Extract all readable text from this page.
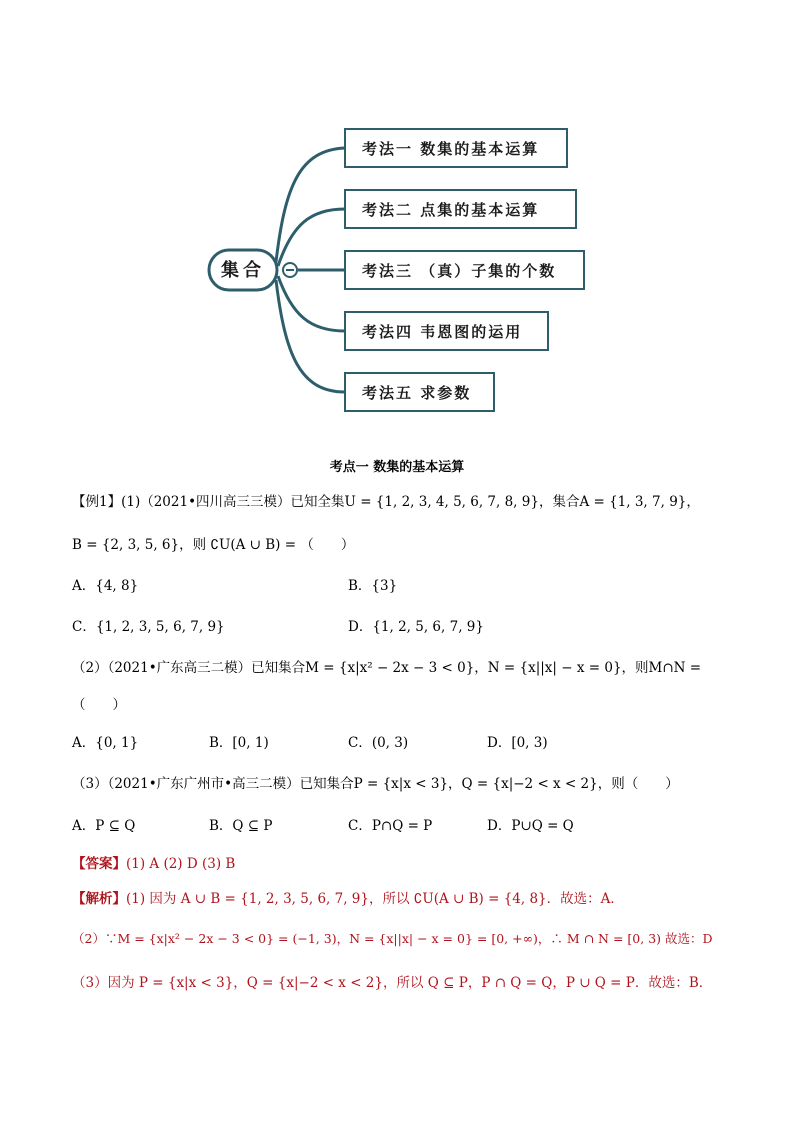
集合
考法一 数集的基本运算
考法二 点集的基本运算
考法三 （真）子集的个数
考法四 韦恩图的运用
考法五 求参数
考点一 数集的基本运算
【例1】(1)（2021•四川高三三模）已知全集U = {1, 2, 3, 4, 5, 6, 7, 8, 9}，集合A = {1, 3, 7, 9}，
B = {2, 3, 5, 6}，则 ∁U(A ∪ B) = （　　）
A．{4, 8}	B．{3}
C．{1, 2, 3, 5, 6, 7, 9}	D．{1, 2, 5, 6, 7, 9}
（2）（2021•广东高三二模）已知集合M = {x|x² − 2x − 3 < 0}，N = {x||x| − x = 0}，则M∩N =
（　　）
A．{0, 1}	B．[0, 1)	C．(0, 3)	D．[0, 3)
（3）（2021•广东广州市•高三二模）已知集合P = {x|x < 3}，Q = {x|−2 < x < 2}，则（　　）
A．P ⊆ Q	B．Q ⊆ P	C．P∩Q = P	D．P∪Q = Q
【答案】(1) A (2) D (3) B
【解析】(1) 因为 A ∪ B = {1, 2, 3, 5, 6, 7, 9}，所以 ∁U(A ∪ B) = {4, 8}．故选：A．
（2）∵M = {x|x² − 2x − 3 < 0} = (−1, 3)，N = {x||x| − x = 0} = [0, +∞)，∴ M ∩ N = [0, 3) 故选：D
（3）因为 P = {x|x < 3}，Q = {x|−2 < x < 2}，所以 Q ⊆ P，P ∩ Q = Q，P ∪ Q = P．故选：B．
